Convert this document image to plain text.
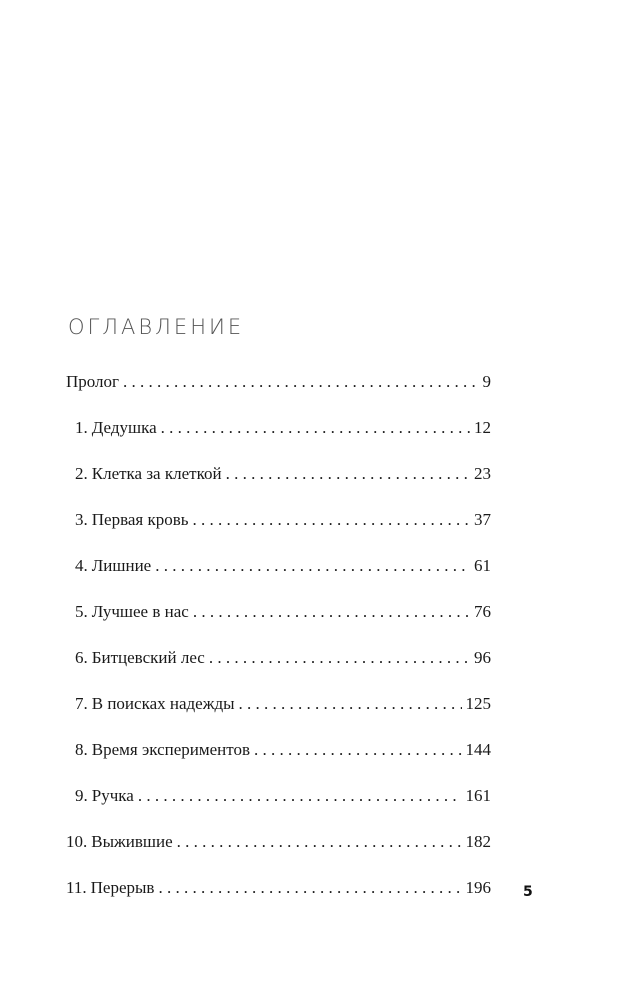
ОГЛАВЛЕНИЕ
Пролог . . .	9
1. Дедушка . . .	12
2. Клетка за клеткой . . .	23
3. Первая кровь . . .	37
4. Лишние . . .	61
5. Лучшее в нас . . .	76
6. Битцевский лес . . .	96
7. В поисках надежды . . .	125
8. Время экспериментов . . .	144
9. Ручка . . .	161
10. Выжившие . . .	182
11. Перерыв . . .	196 5
